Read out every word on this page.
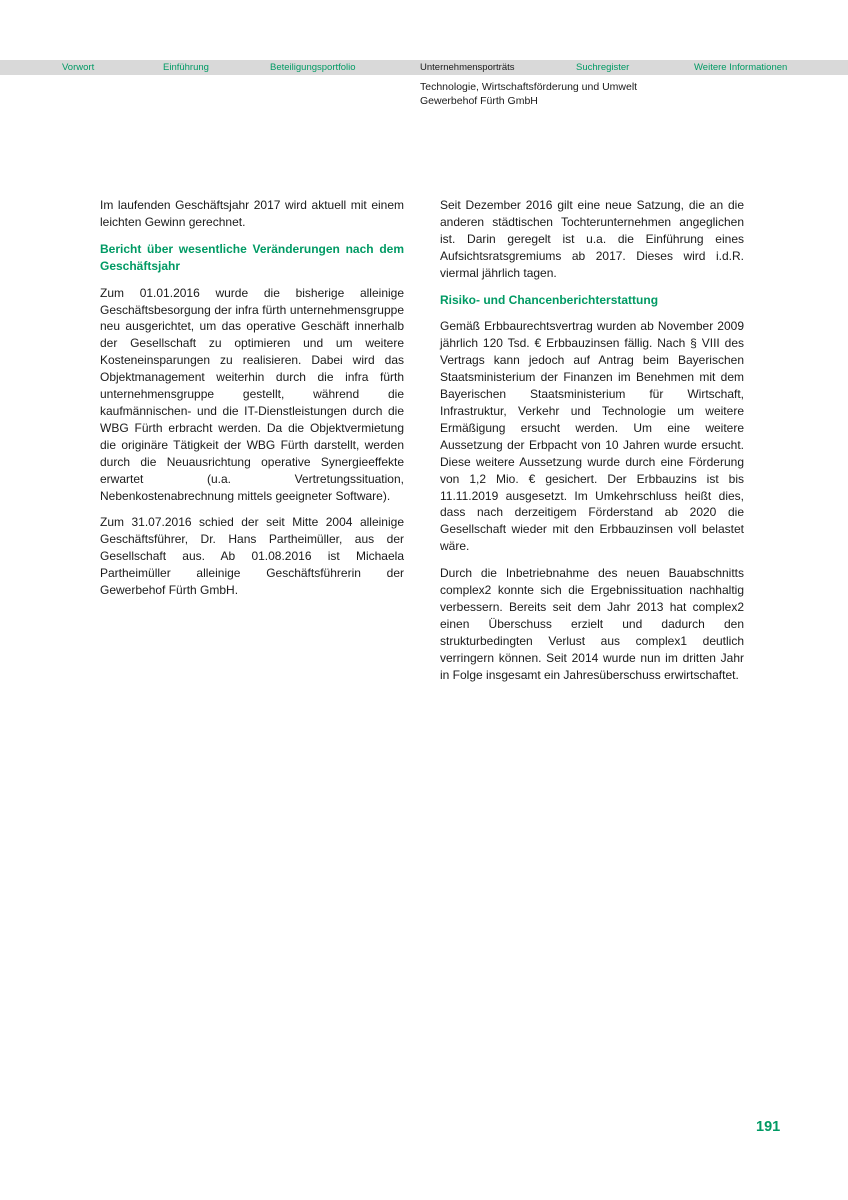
Vorwort	Einführung	Beteiligungsportfolio	Unternehmensporträts	Suchregister	Weitere Informationen
Technologie, Wirtschaftsförderung und Umwelt
Gewerbehof Fürth GmbH

Im laufenden Geschäftsjahr 2017 wird aktuell mit einem leichten Gewinn gerechnet.

Bericht über wesentliche Veränderungen nach dem Geschäftsjahr

Zum 01.01.2016 wurde die bisherige alleinige Geschäftsbesorgung der infra fürth unternehmensgruppe neu ausgerichtet, um das operative Geschäft innerhalb der Gesellschaft zu optimieren und um weitere Kosteneinsparungen zu realisieren. Dabei wird das Objektmanagement weiterhin durch die infra fürth unternehmensgruppe gestellt, während die kaufmännischen- und die IT-Dienstleistungen durch die WBG Fürth erbracht werden. Da die Objektvermietung die originäre Tätigkeit der WBG Fürth darstellt, werden durch die Neuausrichtung operative Synergieeffekte erwartet (u.a. Vertretungssituation, Nebenkostenabrechnung mittels geeigneter Software).

Zum 31.07.2016 schied der seit Mitte 2004 alleinige Geschäftsführer, Dr. Hans Partheimüller, aus der Gesellschaft aus. Ab 01.08.2016 ist Michaela Partheimüller alleinige Geschäftsführerin der Gewerbehof Fürth GmbH.

Seit Dezember 2016 gilt eine neue Satzung, die an die anderen städtischen Tochterunternehmen angeglichen ist. Darin geregelt ist u.a. die Einführung eines Aufsichtsratsgremiums ab 2017. Dieses wird i.d.R. viermal jährlich tagen.

Risiko- und Chancenberichterstattung

Gemäß Erbbaurechtsvertrag wurden ab November 2009 jährlich 120 Tsd. € Erbbauzinsen fällig. Nach § VIII des Vertrags kann jedoch auf Antrag beim Bayerischen Staatsministerium der Finanzen im Benehmen mit dem Bayerischen Staatsministerium für Wirtschaft, Infrastruktur, Verkehr und Technologie um weitere Ermäßigung ersucht werden. Um eine weitere Aussetzung der Erbpacht von 10 Jahren wurde ersucht. Diese weitere Aussetzung wurde durch eine Förderung von 1,2 Mio. € gesichert. Der Erbbauzins ist bis 11.11.2019 ausgesetzt. Im Umkehrschluss heißt dies, dass nach derzeitigem Förderstand ab 2020 die Gesellschaft wieder mit den Erbbauzinsen voll belastet wäre.

Durch die Inbetriebnahme des neuen Bauabschnitts complex2 konnte sich die Ergebnissituation nachhaltig verbessern. Bereits seit dem Jahr 2013 hat complex2 einen Überschuss erzielt und dadurch den strukturbedingten Verlust aus complex1 deutlich verringern können. Seit 2014 wurde nun im dritten Jahr in Folge insgesamt ein Jahresüberschuss erwirtschaftet.

191
